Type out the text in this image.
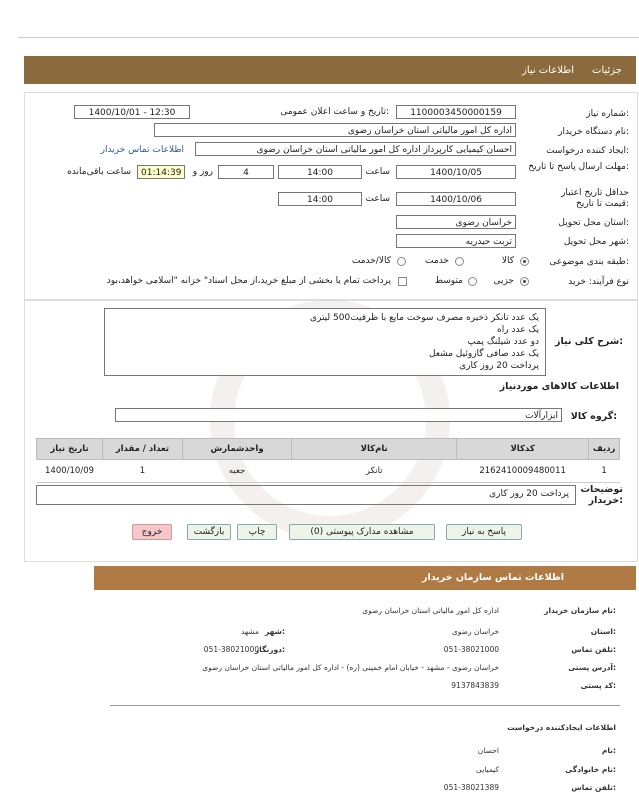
جزئیات
اطلاعات نیاز
شماره نیاز:
1100003450000159
تاریخ و ساعت اعلان عمومی:
1400/10/01 - 12:30
نام دستگاه خریدار:
اداره کل امور مالیاتی استان خراسان رضوی
ایجاد کننده درخواست:
احسان کیمیایی کارپرداز اداره کل امور مالیاتی استان خراسان رضوی
اطلاعات تماس خریدار
مهلت ارسال پاسخ تا تاریخ:
1400/10/05
ساعت
14:00
4
روز و
01:14:39
ساعت باقی‌مانده
حداقل تاریخ اعتبار قیمت تا تاریخ:
1400/10/06
ساعت
14:00
استان محل تحویل:
خراسان رضوی
شهر محل تحویل:
تربت حیدریه
طبقه بندی موضوعی:
کالا
خدمت
کالا/خدمت
نوع فرآیند: خرید
جزیی
متوسط
پرداخت تمام یا بخشی از مبلغ خرید،از محل اسناد" خزانه "اسلامی خواهد،بود
شرح کلی نیاز:
یک عدد تانکر ذخیره مصرف سوخت مایع با ظرفیت500 لیتری
یک عدد راه
دو عدد شیلنگ پمپ
یک عدد صافی گازوئیل مشعل
پرداخت 20 روز کاری
اطلاعات کالاهای موردنیاز
گروه کالا:
ابزارآلات
تاریخ نیاز	تعداد / مقدار	واحدشمارش	نام‌کالا	کدکالا	ردیف
1400/10/09	1	جعبه	تانکر	2162410009480011	1
توضیحات خریدار:
پرداخت 20 روز کاری
پاسخ به نیاز
مشاهده مدارک پیوستی (0)
چاپ
بازگشت
خروج
اطلاعات تماس سازمان خریدار
نام سازمان خریدار:
اداره کل امور مالیاتی استان خراسان رضوی
استان:
خراسان رضوی
شهر:
مشهد
تلفن تماس:
051-38021000
دورنگار:
051-38021000
آدرس پستی:
خراسان رضوی - مشهد - خیابان امام خمینی (ره) - اداره کل امور مالیاتی استان خراسان رضوی
کد پستی:
9137843839
اطلاعات ایجادکننده درخواست
نام:
احسان
نام خانوادگی:
کیمیایی
تلفن تماس:
051-38021389
